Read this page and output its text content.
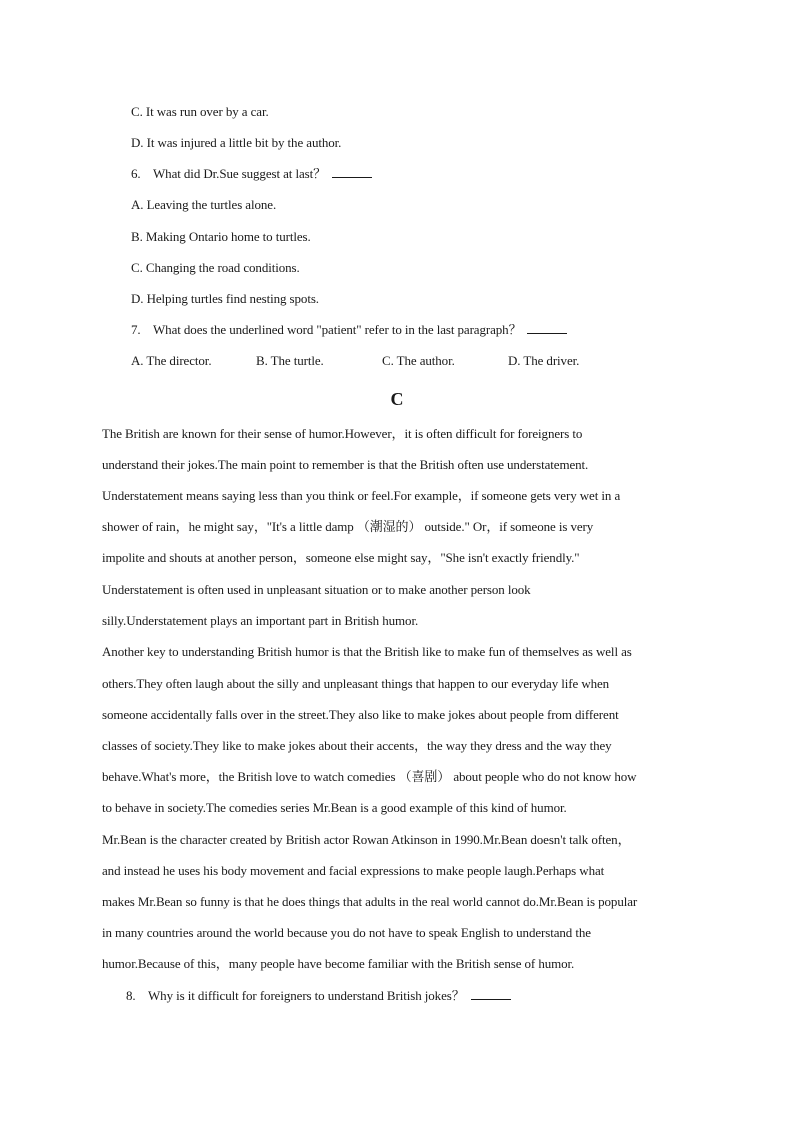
C. It was run over by a car.
D. It was injured a little bit by the author.
6. What did Dr.Sue suggest at last？
A. Leaving the turtles alone.
B. Making Ontario home to turtles.
C. Changing the road conditions.
D. Helping turtles find nesting spots.
7. What does the underlined word "patient" refer to in the last paragraph？
A. The director.	B. The turtle.	C. The author.	D. The driver.
C
The British are known for their sense of humor.However，it is often difficult for foreigners to
understand their jokes.The main point to remember is that the British often use understatement.
Understatement means saying less than you think or feel.For example，if someone gets very wet in a
shower of rain，he might say，"It's a little damp （潮湿的） outside." Or，if someone is very
impolite and shouts at another person，someone else might say，"She isn't exactly friendly."
Understatement is often used in unpleasant situation or to make another person look
silly.Understatement plays an important part in British humor.
Another key to understanding British humor is that the British like to make fun of themselves as well as
others.They often laugh about the silly and unpleasant things that happen to our everyday life when
someone accidentally falls over in the street.They also like to make jokes about people from different
classes of society.They like to make jokes about their accents，the way they dress and the way they
behave.What's more，the British love to watch comedies （喜剧） about people who do not know how
to behave in society.The comedies series Mr.Bean is a good example of this kind of humor.
Mr.Bean is the character created by British actor Rowan Atkinson in 1990.Mr.Bean doesn't talk often，
and instead he uses his body movement and facial expressions to make people laugh.Perhaps what
makes Mr.Bean so funny is that he does things that adults in the real world cannot do.Mr.Bean is popular
in many countries around the world because you do not have to speak English to understand the
humor.Because of this，many people have become familiar with the British sense of humor.
8. Why is it difficult for foreigners to understand British jokes？
